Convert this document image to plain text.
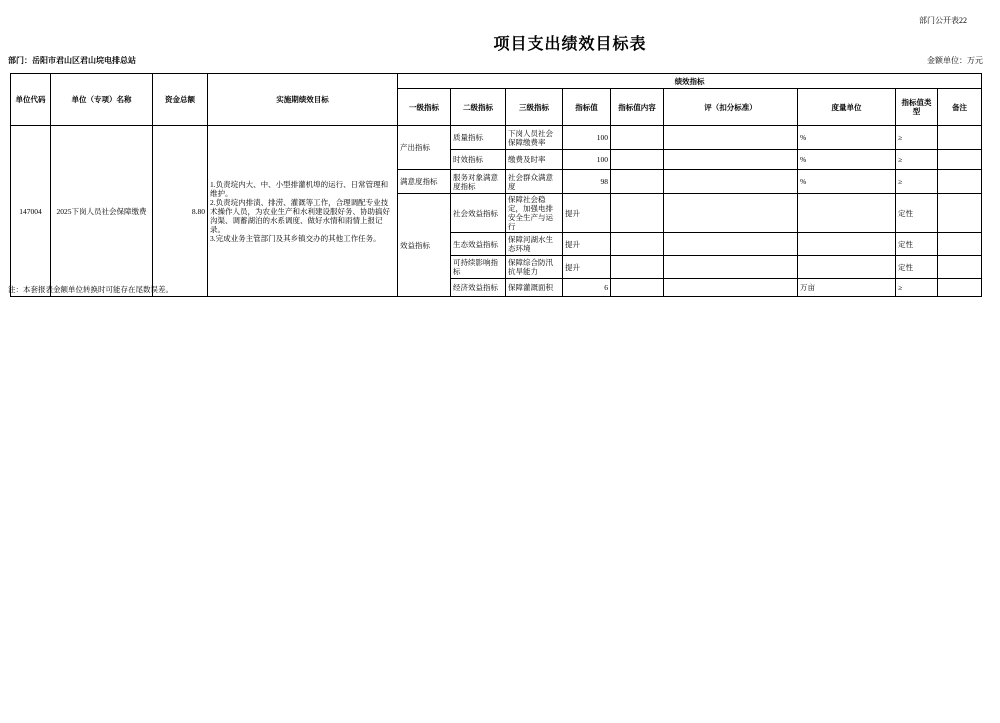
部门公开表22
项目支出绩效目标表
部门：岳阳市君山区君山垸电排总站	金额单位：万元
单位代码	单位（专项）名称	资金总额	实施期绩效目标	绩效指标								
				一级指标	二级指标	三级指标	指标值	指标值内容	评（扣分标准）	度量单位	指标值类型	备注
147004	2025下岗人员社会保障缴费	8.80	1.负责垸内大、中、小型排灌机埠的运行、日常管理和维护。
2.负责垸内排渍、排涝、灌溉等工作，合理调配专业技术操作人员，为农业生产和水利建设服好务、协助搞好沟渠、调蓄湖泊的水系调度、做好水情和雨情上报记录。
3.完成业务主管部门及其乡镇交办的其他工作任务。	产出指标	质量指标	下岗人员社会保障缴费率	100			%	≥	
					时效指标	缴费及时率	100			%	≥	
				满意度指标	服务对象满意度指标	社会群众满意度	98			%	≥	
				效益指标	社会效益指标	保障社会稳定，加强电排安全生产与运行	提升				定性	
					生态效益指标	保障河湖水生态环境	提升				定性	
					可持续影响指标	保障综合防汛抗旱能力	提升				定性	
					经济效益指标	保障灌溉面积	6			万亩	≥	
注：本套报表金额单位转换时可能存在尾数误差。
